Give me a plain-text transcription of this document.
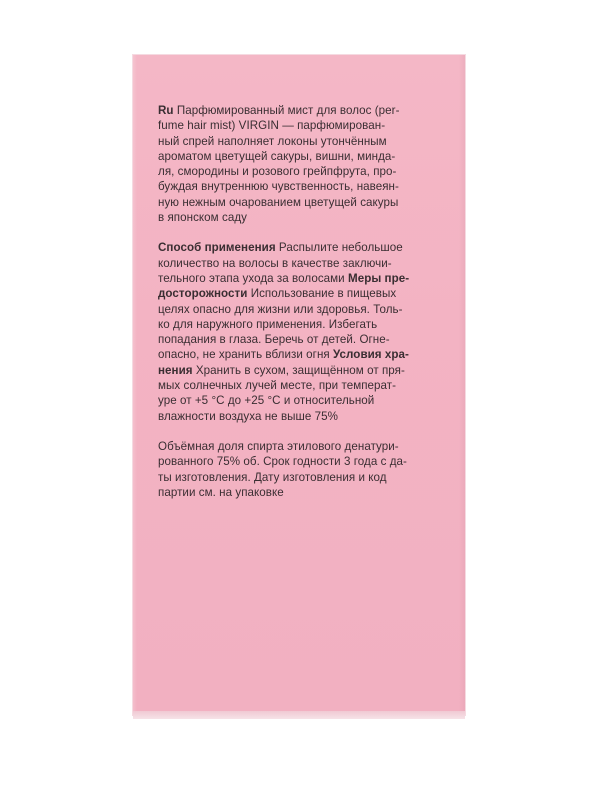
Ru Парфюмированный мист для волос (per-
fume hair mist) VIRGIN — парфюмирован-
ный спрей наполняет локоны утончённым
ароматом цветущей сакуры, вишни, минда-
ля, смородины и розового грейпфрута, про-
буждая внутреннюю чувственность, навеян-
ную нежным очарованием цветущей сакуры
в японском саду
Способ применения Распылите небольшое
количество на волосы в качестве заключи-
тельного этапа ухода за волосами Меры пре-
досторожности Использование в пищевых
целях опасно для жизни или здоровья. Толь-
ко для наружного применения. Избегать
попадания в глаза. Беречь от детей. Огне-
опасно, не хранить вблизи огня Условия хра-
нения Хранить в сухом, защищённом от пря-
мых солнечных лучей месте, при температ-
уре от +5 °С до +25 °С и относительной
влажности воздуха не выше 75%
Объёмная доля спирта этилового денатури-
рованного 75% об. Срок годности 3 года с да-
ты изготовления. Дату изготовления и код
партии см. на упаковке
